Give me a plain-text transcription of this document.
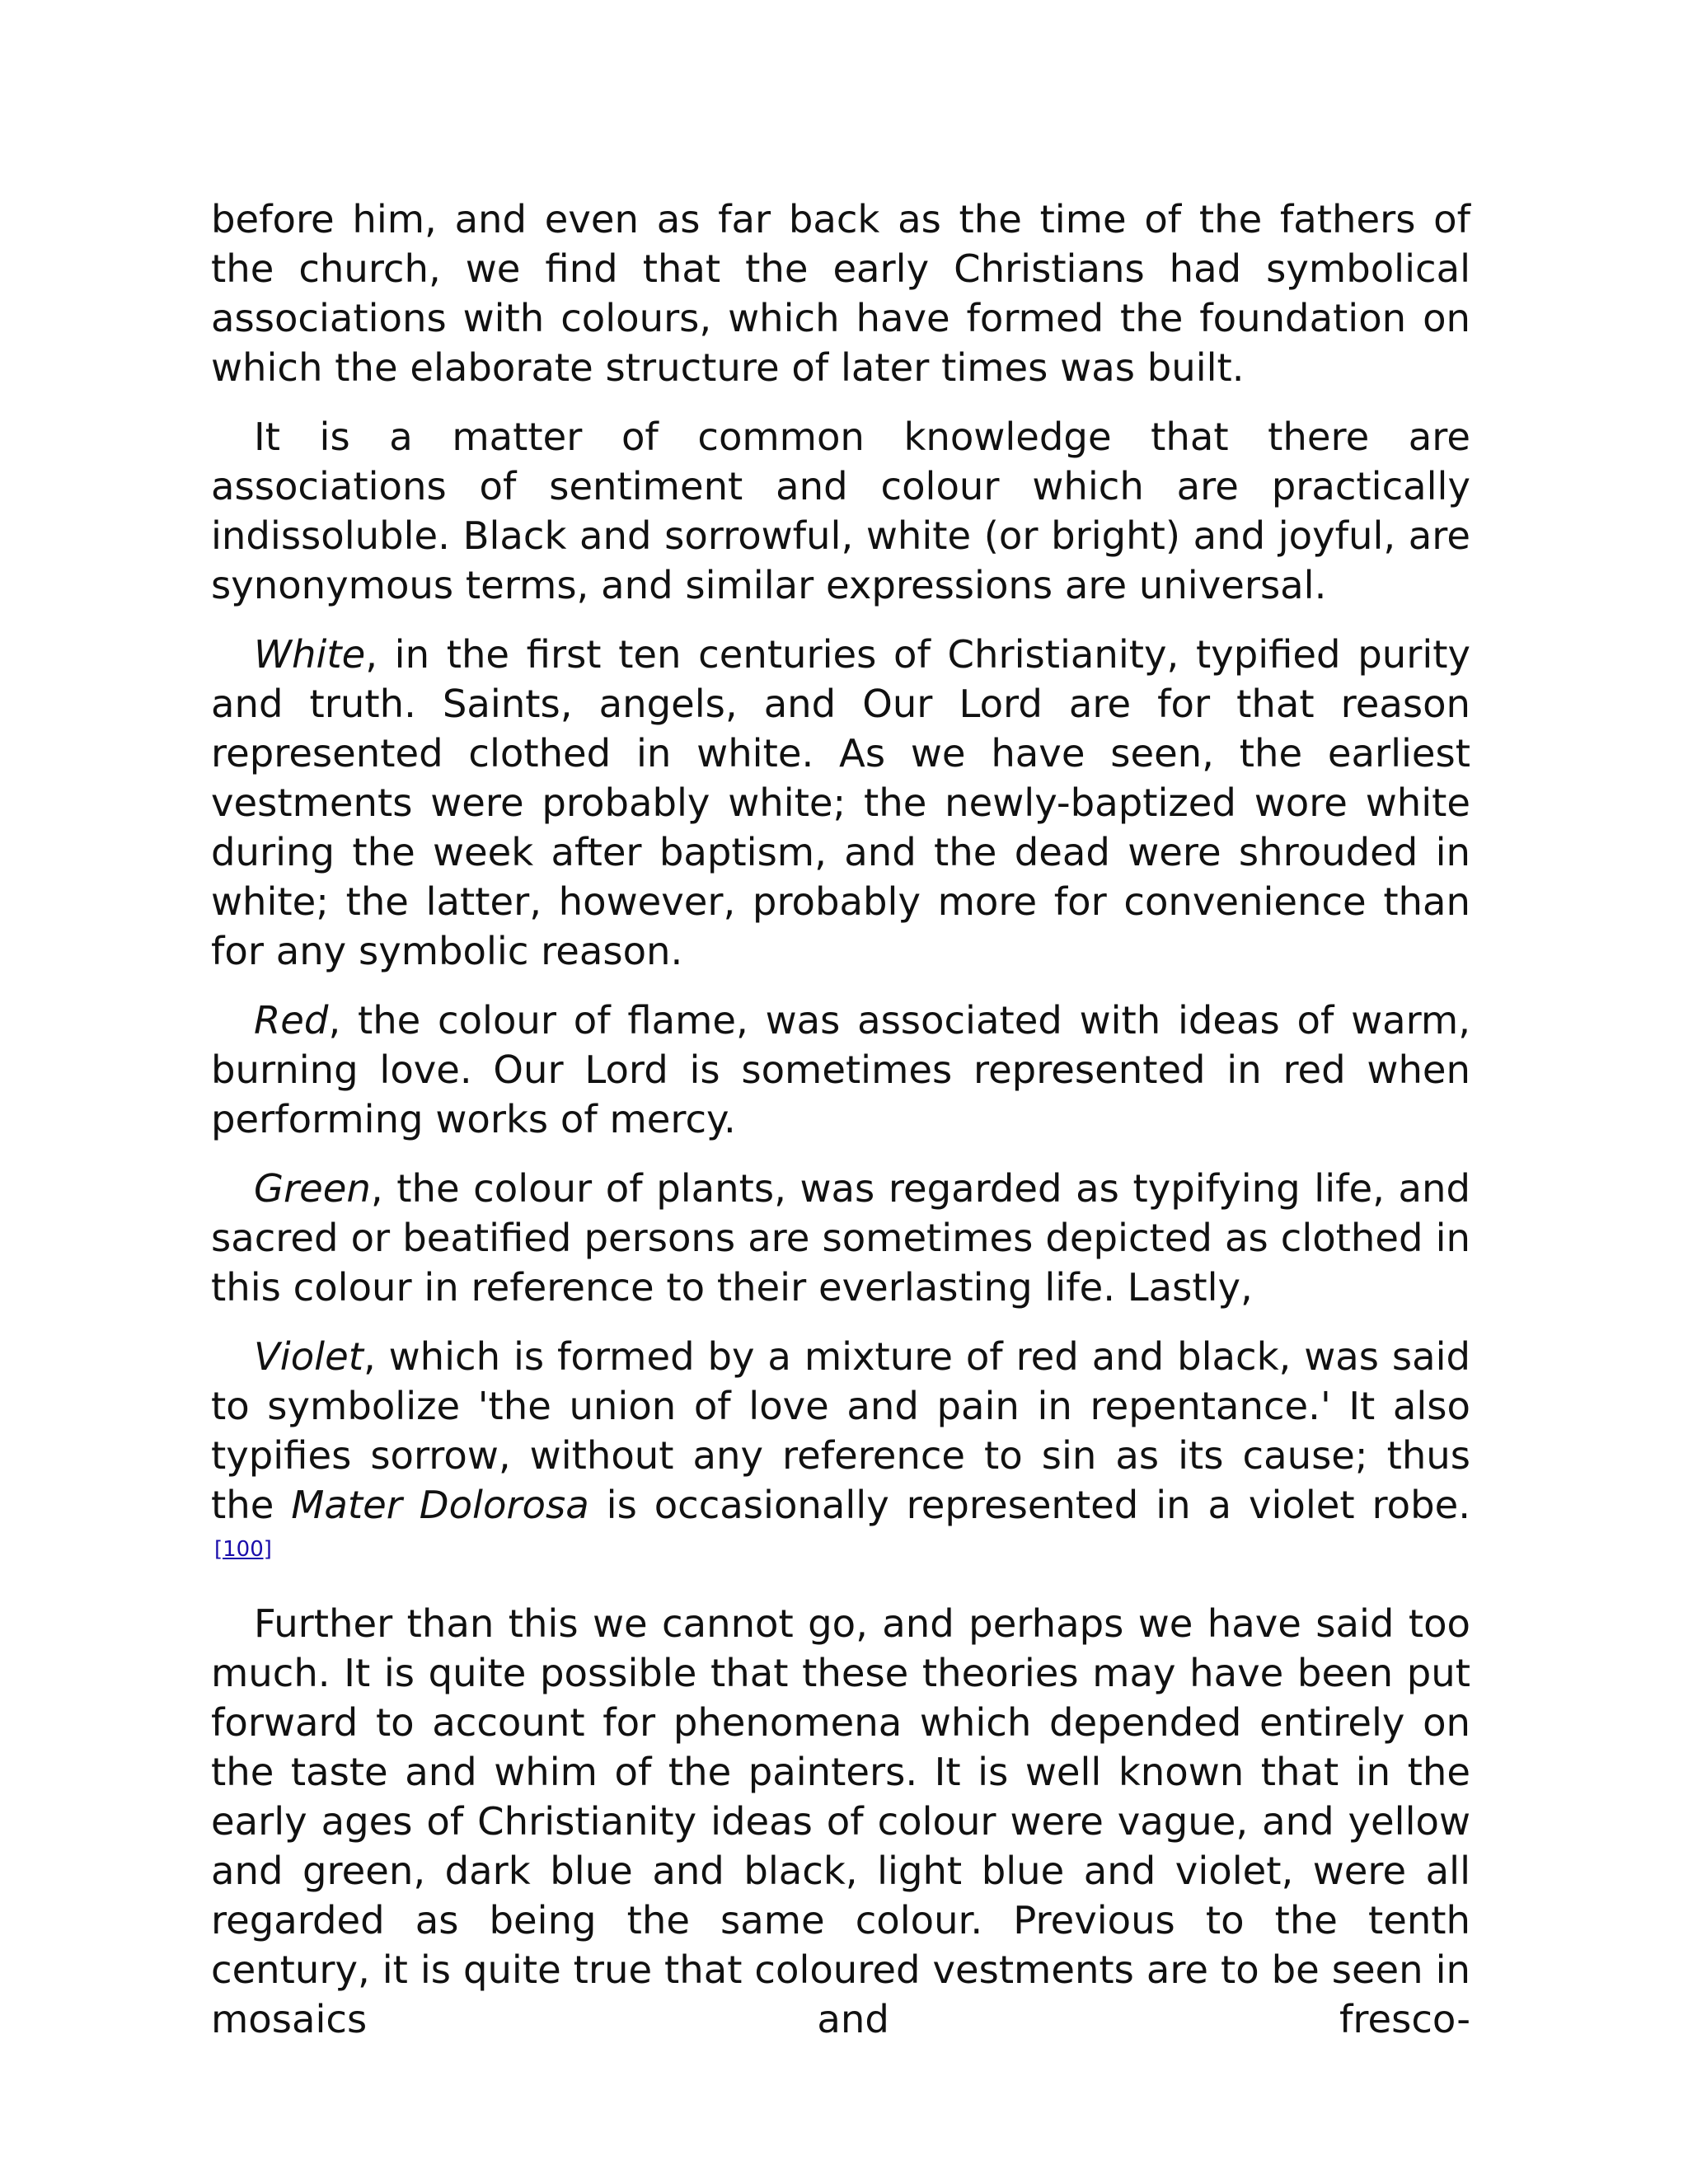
before him, and even as far back as the time of the fathers of the church, we find that the early Christians had symbolical associations with colours, which have formed the foundation on which the elaborate structure of later times was built.

It is a matter of common knowledge that there are associations of sentiment and colour which are practically indissoluble. Black and sorrowful, white (or bright) and joyful, are synonymous terms, and similar expressions are universal.

White, in the first ten centuries of Christianity, typified purity and truth. Saints, angels, and Our Lord are for that reason represented clothed in white. As we have seen, the earliest vestments were probably white; the newly-baptized wore white during the week after baptism, and the dead were shrouded in white; the latter, however, probably more for convenience than for any symbolic reason.

Red, the colour of flame, was associated with ideas of warm, burning love. Our Lord is sometimes represented in red when performing works of mercy.

Green, the colour of plants, was regarded as typifying life, and sacred or beatified persons are sometimes depicted as clothed in this colour in reference to their everlasting life. Lastly,

Violet, which is formed by a mixture of red and black, was said to symbolize 'the union of love and pain in repentance.' It also typifies sorrow, without any reference to sin as its cause; thus the Mater Dolorosa is occasionally represented in a violet robe.[100]

Further than this we cannot go, and perhaps we have said too much. It is quite possible that these theories may have been put forward to account for phenomena which depended entirely on the taste and whim of the painters. It is well known that in the early ages of Christianity ideas of colour were vague, and yellow and green, dark blue and black, light blue and violet, were all regarded as being the same colour. Previous to the tenth century, it is quite true that coloured vestments are to be seen in mosaics and fresco-
